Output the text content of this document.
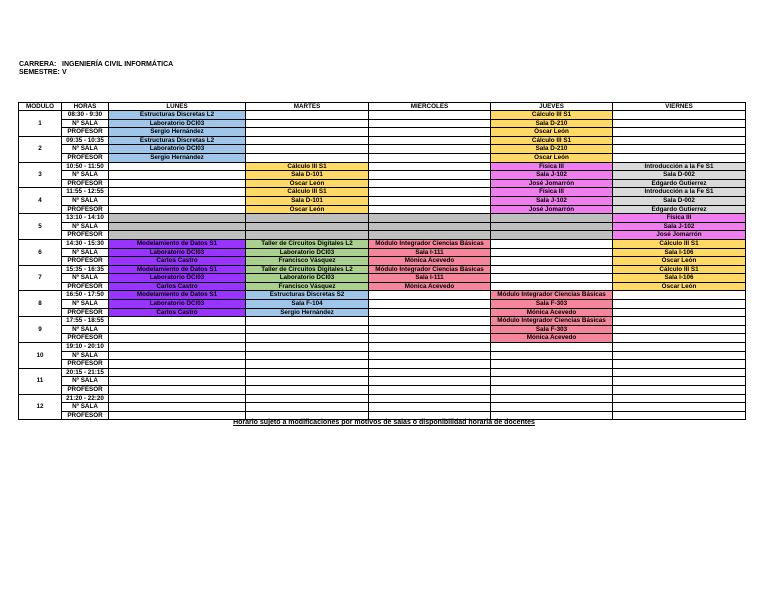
CARRERA: INGENIERÍA CIVIL INFORMÁTICA
SEMESTRE: V
MODULO	HORAS	LUNES	MARTES	MIERCOLES	JUEVES	VIERNES
1	08:30 - 9:30	Estructuras Discretas L2			Cálculo III S1	
	Nº SALA	Laboratorio DCI03			Sala D-210	
	PROFESOR	Sergio Hernández			Oscar León	
2	09:35 - 10:35	Estructuras Discretas L2			Cálculo III S1	
	Nº SALA	Laboratorio DCI03			Sala D-210	
	PROFESOR	Sergio Hernández			Oscar León	
3	10:50 - 11:50		Cálculo III S1		Física III	Introducción a la Fe S1
	Nº SALA		Sala D-101		Sala J-102	Sala D-002
	PROFESOR		Oscar León		José Jomarrón	Edgardo Gutierrez
4	11:55 - 12:55		Cálculo III S1		Física III	Introducción a la Fe S1
	Nº SALA		Sala D-101		Sala J-102	Sala D-002
	PROFESOR		Oscar León		José Jomarrón	Edgardo Gutierrez
5	13:10 - 14:10					Física III
	Nº SALA					Sala J-102
	PROFESOR					José Jomarrón
6	14:30 - 15:30	Modelamiento de Datos S1	Taller de Circuitos Digitales L2	Módulo Integrador Ciencias Básicas		Cálculo III S1
	Nº SALA	Laboratorio DCI03	Laboratorio DCI03	Sala I-111		Sala I-106
	PROFESOR	Carlos Castro	Francisco Vásquez	Mónica Acevedo		Oscar León
7	15:35 - 16:35	Modelamiento de Datos S1	Taller de Circuitos Digitales L2	Módulo Integrador Ciencias Básicas		Cálculo III S1
	Nº SALA	Laboratorio DCI03	Laboratorio DCI03	Sala I-111		Sala I-106
	PROFESOR	Carlos Castro	Francisco Vásquez	Mónica Acevedo		Oscar León
8	16:50 - 17:50	Modelamiento de Datos S1	Estructuras Discretas S2		Módulo Integrador Ciencias Básicas	
	Nº SALA	Laboratorio DCI03	Sala F-104		Sala F-303	
	PROFESOR	Carlos Castro	Sergio Hernández		Mónica Acevedo	
9	17:55 - 18:55				Módulo Integrador Ciencias Básicas	
	Nº SALA				Sala F-303	
	PROFESOR				Mónica Acevedo	
10	19:10 - 20:10					
	Nº SALA					
	PROFESOR					
11	20:15 - 21:15					
	Nº SALA					
	PROFESOR					
12	21:20 - 22:20					
	Nº SALA					
	PROFESOR					
Horario sujeto a modificaciones por motivos de salas o disponibilidad horaria de docentes
